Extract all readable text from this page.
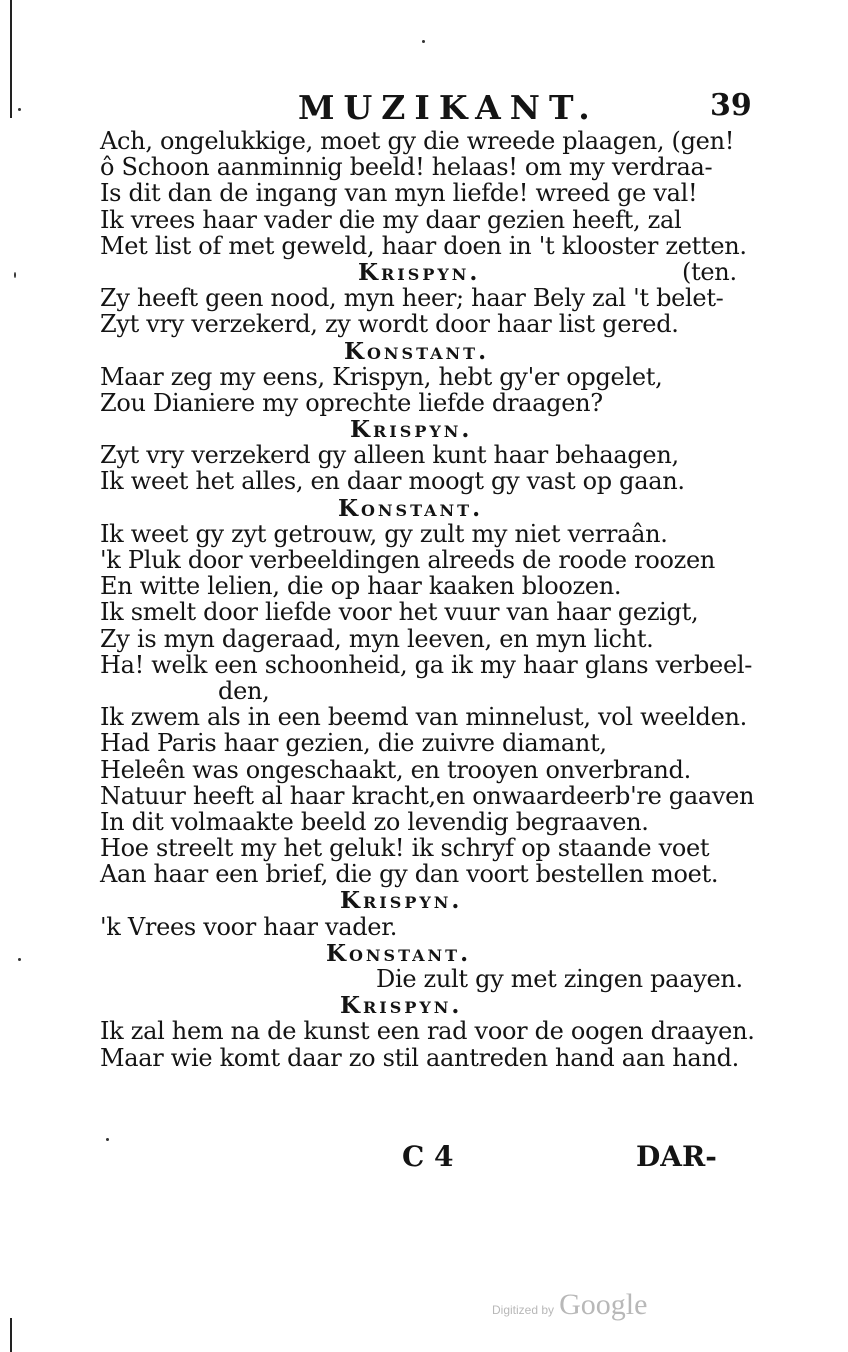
MUZIKANT.	39
Ach, ongelukkige, moet gy die wreede plaagen, (gen!
ô Schoon aanminnig beeld! helaas! om my verdraa-
Is dit dan de ingang van myn liefde! wreed ge val!
Ik vrees haar vader die my daar gezien heeft, zal
Met list of met geweld, haar doen in 't klooster zetten.
Krispyn.	(ten.
Zy heeft geen nood, myn heer; haar Bely zal 't belet-
Zyt vry verzekerd, zy wordt door haar list gered.
Konstant.
Maar zeg my eens, Krispyn, hebt gy'er opgelet,
Zou Dianiere my oprechte liefde draagen?
Krispyn.
Zyt vry verzekerd gy alleen kunt haar behaagen,
Ik weet het alles, en daar moogt gy vast op gaan.
Konstant.
Ik weet gy zyt getrouw, gy zult my niet verraân.
'k Pluk door verbeeldingen alreeds de roode roozen
En witte lelien, die op haar kaaken bloozen.
Ik smelt door liefde voor het vuur van haar gezigt,
Zy is myn dageraad, myn leeven, en myn licht.
Ha! welk een schoonheid, ga ik my haar glans verbeel-
den,
Ik zwem als in een beemd van minnelust, vol weelden.
Had Paris haar gezien, die zuivre diamant,
Heleên was ongeschaakt, en trooyen onverbrand.
Natuur heeft al haar kracht,en onwaardeerb're gaaven
In dit volmaakte beeld zo levendig begraaven.
Hoe streelt my het geluk! ik schryf op staande voet
Aan haar een brief, die gy dan voort bestellen moet.
Krispyn.
'k Vrees voor haar vader.
Konstant.
Die zult gy met zingen paayen.
Krispyn.
Ik zal hem na de kunst een rad voor de oogen draayen.
Maar wie komt daar zo stil aantreden hand aan hand.
C 4	DAR-
Digitized by Google
